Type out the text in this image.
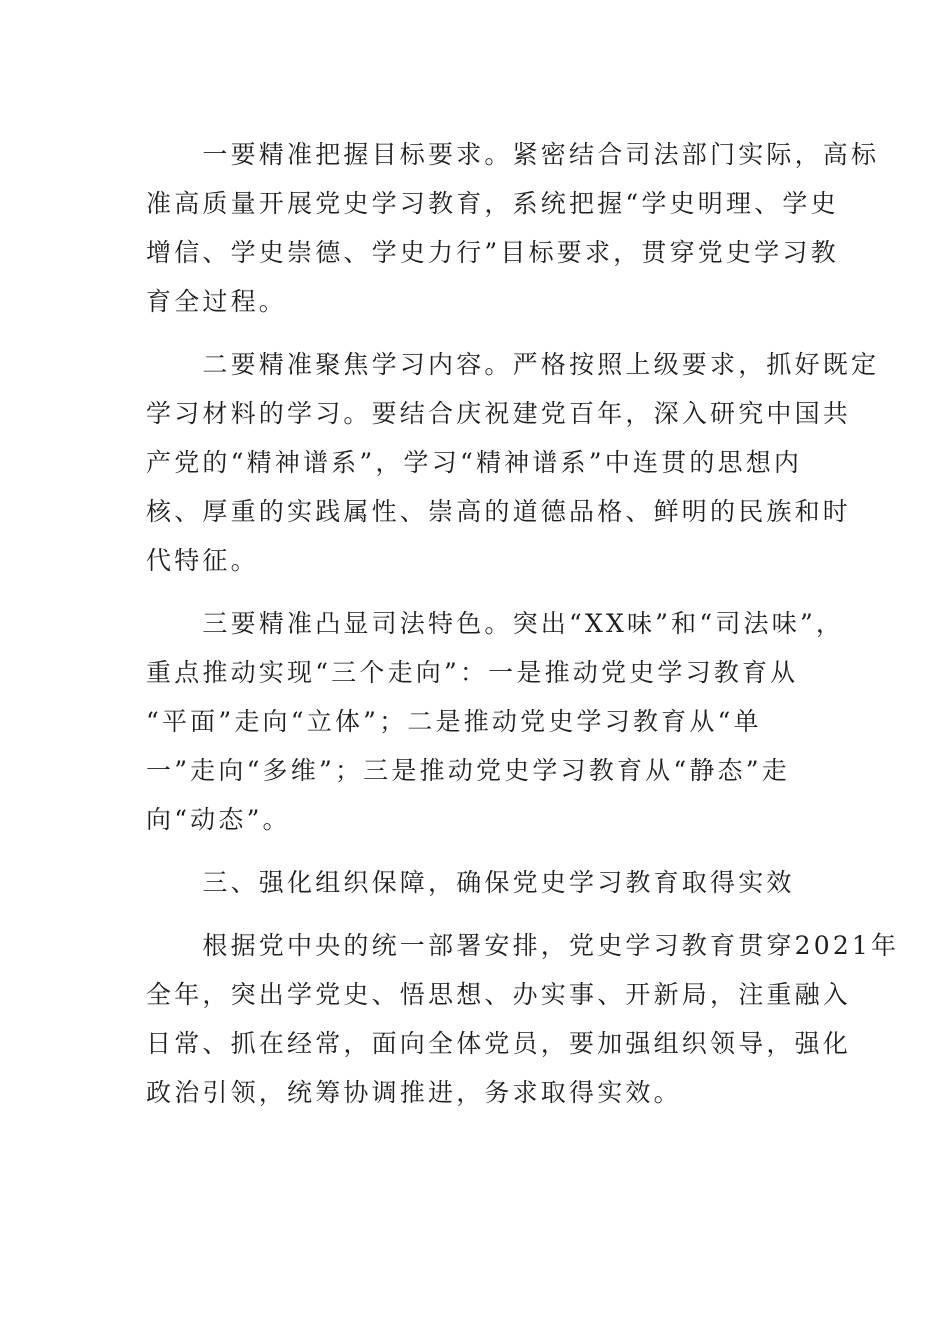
　　一要精准把握目标要求。紧密结合司法部门实际，高标
准高质量开展党史学习教育，系统把握“学史明理、学史
增信、学史崇德、学史力行”目标要求，贯穿党史学习教
育全过程。
　　二要精准聚焦学习内容。严格按照上级要求，抓好既定
学习材料的学习。要结合庆祝建党百年，深入研究中国共
产党的“精神谱系”，学习“精神谱系”中连贯的思想内
核、厚重的实践属性、崇高的道德品格、鲜明的民族和时
代特征。
　　三要精准凸显司法特色。突出“XX味”和“司法味”，
重点推动实现“三个走向”：一是推动党史学习教育从
“平面”走向“立体”；二是推动党史学习教育从“单
一”走向“多维”；三是推动党史学习教育从“静态”走
向“动态”。
　　三、强化组织保障，确保党史学习教育取得实效
　　根据党中央的统一部署安排，党史学习教育贯穿2021年
全年，突出学党史、悟思想、办实事、开新局，注重融入
日常、抓在经常，面向全体党员，要加强组织领导，强化
政治引领，统筹协调推进，务求取得实效。
